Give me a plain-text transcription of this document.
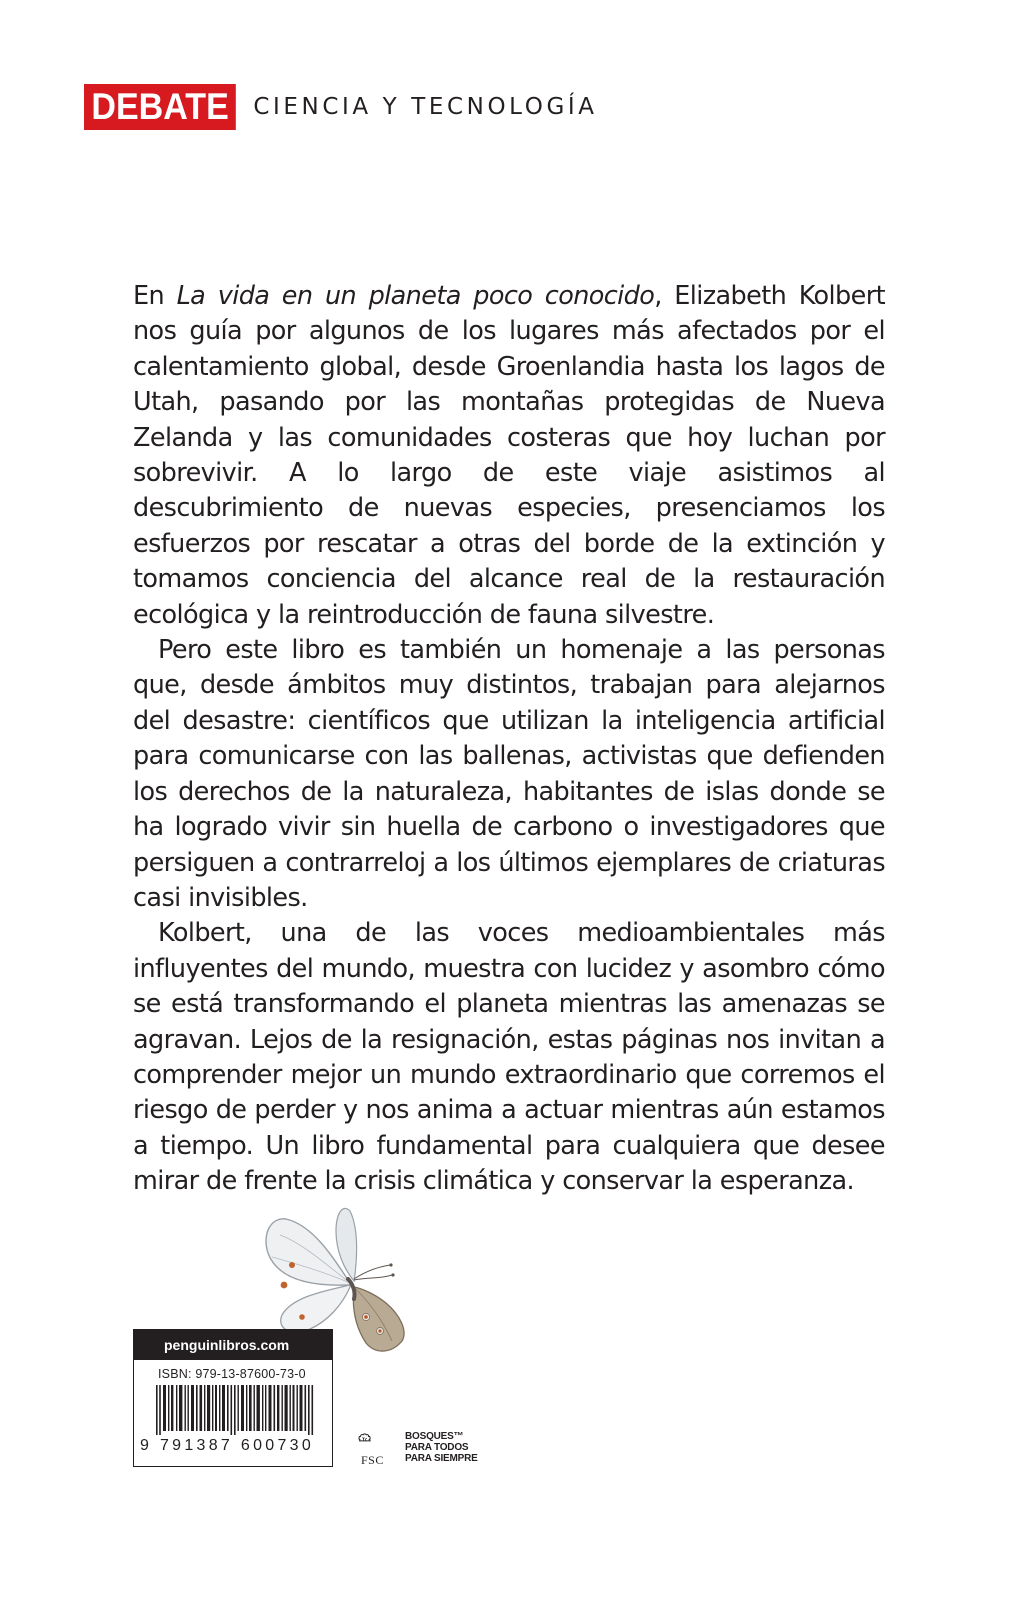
DEBATE	CIENCIA Y TECNOLOGÍA

En La vida en un planeta poco conocido, Elizabeth Kolbert nos guía por algunos de los lugares más afectados por el calentamiento global, desde Groenlandia hasta los lagos de Utah, pasando por las montañas protegidas de Nueva Zelanda y las comunidades costeras que hoy luchan por sobrevivir. A lo largo de este viaje asistimos al descubrimiento de nuevas especies, presenciamos los esfuerzos por rescatar a otras del borde de la extinción y tomamos conciencia del alcance real de la restauración ecológica y la reintroducción de fauna silvestre.

Pero este libro es también un homenaje a las personas que, desde ámbitos muy distintos, trabajan para alejarnos del desastre: científicos que utilizan la inteligencia artificial para comunicarse con las ballenas, activistas que defienden los derechos de la naturaleza, habitantes de islas donde se ha logrado vivir sin huella de carbono o investigadores que persiguen a contrarreloj a los últimos ejemplares de criaturas casi invisibles.

Kolbert, una de las voces medioambientales más influyentes del mundo, muestra con lucidez y asombro cómo se está transformando el planeta mientras las amenazas se agravan. Lejos de la resignación, estas páginas nos invitan a comprender mejor un mundo extraordinario que corremos el riesgo de perder y nos anima a actuar mientras aún estamos a tiempo. Un libro fundamental para cualquiera que desee mirar de frente la crisis climática y conservar la esperanza.

penguinlibros.com
ISBN: 979-13-87600-73-0
9 791387 600730
FSC
BOSQUES™
PARA TODOS
PARA SIEMPRE
